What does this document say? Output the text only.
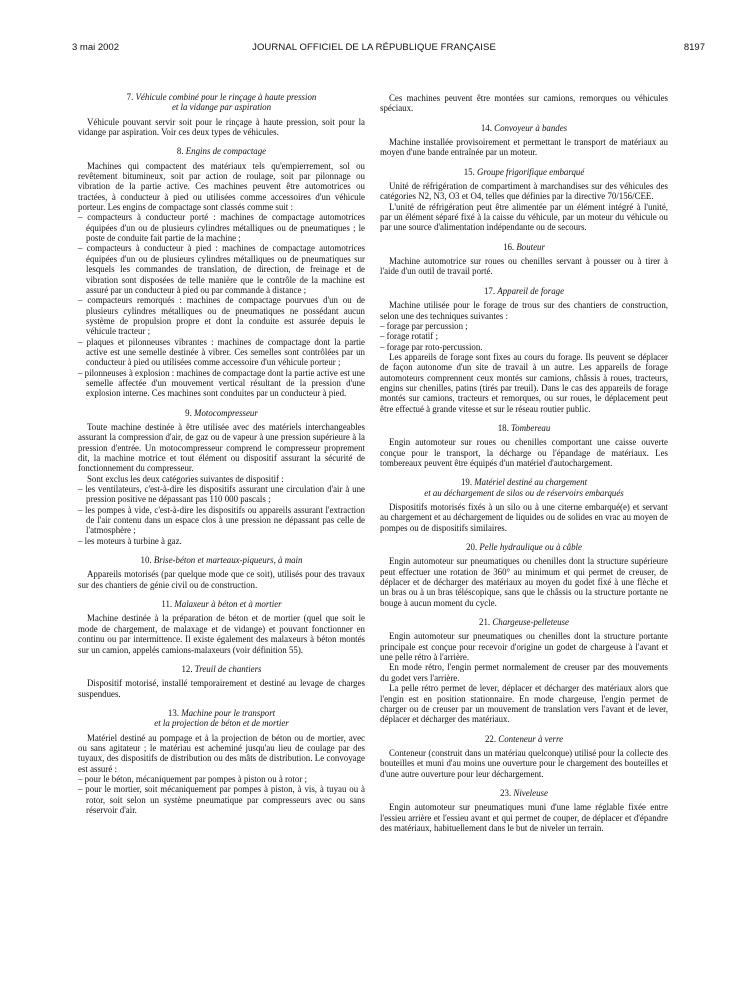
3 mai 2002	JOURNAL OFFICIEL DE LA RÉPUBLIQUE FRANÇAISE	8197
7. Véhicule combiné pour le rinçage à haute pression
et la vidange par aspiration

Véhicule pouvant servir soit pour le rinçage à haute pression, soit pour la vidange par aspiration. Voir ces deux types de véhicules.

8. Engins de compactage

Machines qui compactent des matériaux tels qu'empierrement, sol ou revêtement bitumineux, soit par action de roulage, soit par pilonnage ou vibration de la partie active. Ces machines peuvent être automotrices ou tractées, à conducteur à pied ou utilisées comme accessoires d'un véhicule porteur. Les engins de compactage sont classés comme suit :

– compacteurs à conducteur porté : machines de compactage automotrices équipées d'un ou de plusieurs cylindres métalliques ou de pneumatiques ; le poste de conduite fait partie de la machine ;
– compacteurs à conducteur à pied : machines de compactage automotrices équipées d'un ou de plusieurs cylindres métalliques ou de pneumatiques sur lesquels les commandes de translation, de direction, de freinage et de vibration sont disposées de telle manière que le contrôle de la machine est assuré par un conducteur à pied ou par commande à distance ;
– compacteurs remorqués : machines de compactage pourvues d'un ou de plusieurs cylindres métalliques ou de pneumatiques ne possédant aucun système de propulsion propre et dont la conduite est assurée depuis le véhicule tracteur ;
– plaques et pilonneuses vibrantes : machines de compactage dont la partie active est une semelle destinée à vibrer. Ces semelles sont contrôlées par un conducteur à pied ou utilisées comme accessoire d'un véhicule porteur ;
– pilonneuses à explosion : machines de compactage dont la partie active est une semelle affectée d'un mouvement vertical résultant de la pression d'une explosion interne. Ces machines sont conduites par un conducteur à pied.
9. Motocompresseur

Toute machine destinée à être utilisée avec des matériels interchangeables assurant la compression d'air, de gaz ou de vapeur à une pression supérieure à la pression d'entrée. Un motocompresseur comprend le compresseur proprement dit, la machine motrice et tout élément ou dispositif assurant la sécurité de fonctionnement du compresseur.

Sont exclus les deux catégories suivantes de dispositif :

– les ventilateurs, c'est-à-dire les dispositifs assurant une circulation d'air à une pression positive ne dépassant pas 110 000 pascals ;
– les pompes à vide, c'est-à-dire les dispositifs ou appareils assurant l'extraction de l'air contenu dans un espace clos à une pression ne dépassant pas celle de l'atmosphère ;
– les moteurs à turbine à gaz.
10. Brise-béton et marteaux-piqueurs, à main

Appareils motorisés (par quelque mode que ce soit), utilisés pour des travaux sur des chantiers de génie civil ou de construction.

11. Malaxeur à béton et à mortier

Machine destinée à la préparation de béton et de mortier (quel que soit le mode de chargement, de malaxage et de vidange) et pouvant fonctionner en continu ou par intermittence. Il existe également des malaxeurs à béton montés sur un camion, appelés camions-malaxeurs (voir définition 55).

12. Treuil de chantiers

Dispositif motorisé, installé temporairement et destiné au levage de charges suspendues.

13. Machine pour le transport
et la projection de béton et de mortier

Matériel destiné au pompage et à la projection de béton ou de mortier, avec ou sans agitateur ; le matériau est acheminé jusqu'au lieu de coulage par des tuyaux, des dispositifs de distribution ou des mâts de distribution. Le convoyage est assuré :

– pour le béton, mécaniquement par pompes à piston ou à rotor ;
– pour le mortier, soit mécaniquement par pompes à piston, à vis, à tuyau ou à rotor, soit selon un système pneumatique par compresseurs avec ou sans réservoir d'air.

Ces machines peuvent être montées sur camions, remorques ou véhicules spéciaux.

14. Convoyeur à bandes

Machine installée provisoirement et permettant le transport de matériaux au moyen d'une bande entraînée par un moteur.

15. Groupe frigorifique embarqué

Unité de réfrigération de compartiment à marchandises sur des véhicules des catégories N2, N3, O3 et O4, telles que définies par la directive 70/156/CEE.

L'unité de réfrigération peut être alimentée par un élément intégré à l'unité, par un élément séparé fixé à la caisse du véhicule, par un moteur du véhicule ou par une source d'alimentation indépendante ou de secours.

16. Bouteur

Machine automotrice sur roues ou chenilles servant à pousser ou à tirer à l'aide d'un outil de travail porté.

17. Appareil de forage

Machine utilisée pour le forage de trous sur des chantiers de construction, selon une des techniques suivantes :

– forage par percussion ;
– forage rotatif ;
– forage par roto-percussion.

Les appareils de forage sont fixes au cours du forage. Ils peuvent se déplacer de façon autonome d'un site de travail à un autre. Les appareils de forage automoteurs comprennent ceux montés sur camions, châssis à roues, tracteurs, engins sur chenilles, patins (tirés par treuil). Dans le cas des appareils de forage montés sur camions, tracteurs et remorques, ou sur roues, le déplacement peut être effectué à grande vitesse et sur le réseau routier public.

18. Tombereau

Engin automoteur sur roues ou chenilles comportant une caisse ouverte conçue pour le transport, la décharge ou l'épandage de matériaux. Les tombereaux peuvent être équipés d'un matériel d'autochargement.

19. Matériel destiné au chargement
et au déchargement de silos ou de réservoirs embarqués

Dispositifs motorisés fixés à un silo ou à une citerne embarqué(e) et servant au chargement et au déchargement de liquides ou de solides en vrac au moyen de pompes ou de dispositifs similaires.

20. Pelle hydraulique ou à câble

Engin automoteur sur pneumatiques ou chenilles dont la structure supérieure peut effectuer une rotation de 360° au minimum et qui permet de creuser, de déplacer et de décharger des matériaux au moyen du godet fixé à une flèche et un bras ou à un bras téléscopique, sans que le châssis ou la structure portante ne bouge à aucun moment du cycle.

21. Chargeuse-pelleteuse

Engin automoteur sur pneumatiques ou chenilles dont la structure portante principale est conçue pour recevoir d'origine un godet de chargeuse à l'avant et une pelle rétro à l'arrière.

En mode rétro, l'engin permet normalement de creuser par des mouvements du godet vers l'arrière.

La pelle rétro permet de lever, déplacer et décharger des matériaux alors que l'engin est en position stationnaire. En mode chargeuse, l'engin permet de charger ou de creuser par un mouvement de translation vers l'avant et de lever, déplacer et décharger des matériaux.

22. Conteneur à verre

Conteneur (construit dans un matériau quelconque) utilisé pour la collecte des bouteilles et muni d'au moins une ouverture pour le chargement des bouteilles et d'une autre ouverture pour leur déchargement.

23. Niveleuse

Engin automoteur sur pneumatiques muni d'une lame réglable fixée entre l'essieu arrière et l'essieu avant et qui permet de couper, de déplacer et d'épandre des matériaux, habituellement dans le but de niveler un terrain.
